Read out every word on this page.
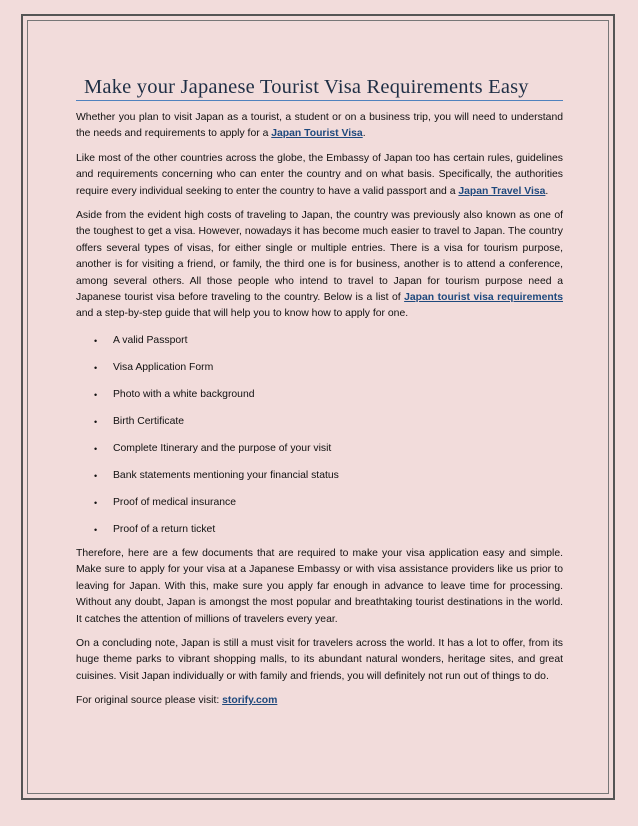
Make your Japanese Tourist Visa Requirements Easy

Whether you plan to visit Japan as a tourist, a student or on a business trip, you will need to understand the needs and requirements to apply for a Japan Tourist Visa.

Like most of the other countries across the globe, the Embassy of Japan too has certain rules, guidelines and requirements concerning who can enter the country and on what basis. Specifically, the authorities require every individual seeking to enter the country to have a valid passport and a Japan Travel Visa.

Aside from the evident high costs of traveling to Japan, the country was previously also known as one of the toughest to get a visa. However, nowadays it has become much easier to travel to Japan. The country offers several types of visas, for either single or multiple entries. There is a visa for tourism purpose, another is for visiting a friend, or family, the third one is for business, another is to attend a conference, among several others. All those people who intend to travel to Japan for tourism purpose need a Japanese tourist visa before traveling to the country. Below is a list of Japan tourist visa requirements and a step-by-step guide that will help you to know how to apply for one.

• A valid Passport
• Visa Application Form
• Photo with a white background
• Birth Certificate
• Complete Itinerary and the purpose of your visit
• Bank statements mentioning your financial status
• Proof of medical insurance
• Proof of a return ticket

Therefore, here are a few documents that are required to make your visa application easy and simple. Make sure to apply for your visa at a Japanese Embassy or with visa assistance providers like us prior to leaving for Japan. With this, make sure you apply far enough in advance to leave time for processing. Without any doubt, Japan is amongst the most popular and breathtaking tourist destinations in the world. It catches the attention of millions of travelers every year.

On a concluding note, Japan is still a must visit for travelers across the world. It has a lot to offer, from its huge theme parks to vibrant shopping malls, to its abundant natural wonders, heritage sites, and great cuisines. Visit Japan individually or with family and friends, you will definitely not run out of things to do.

For original source please visit: storify.com
